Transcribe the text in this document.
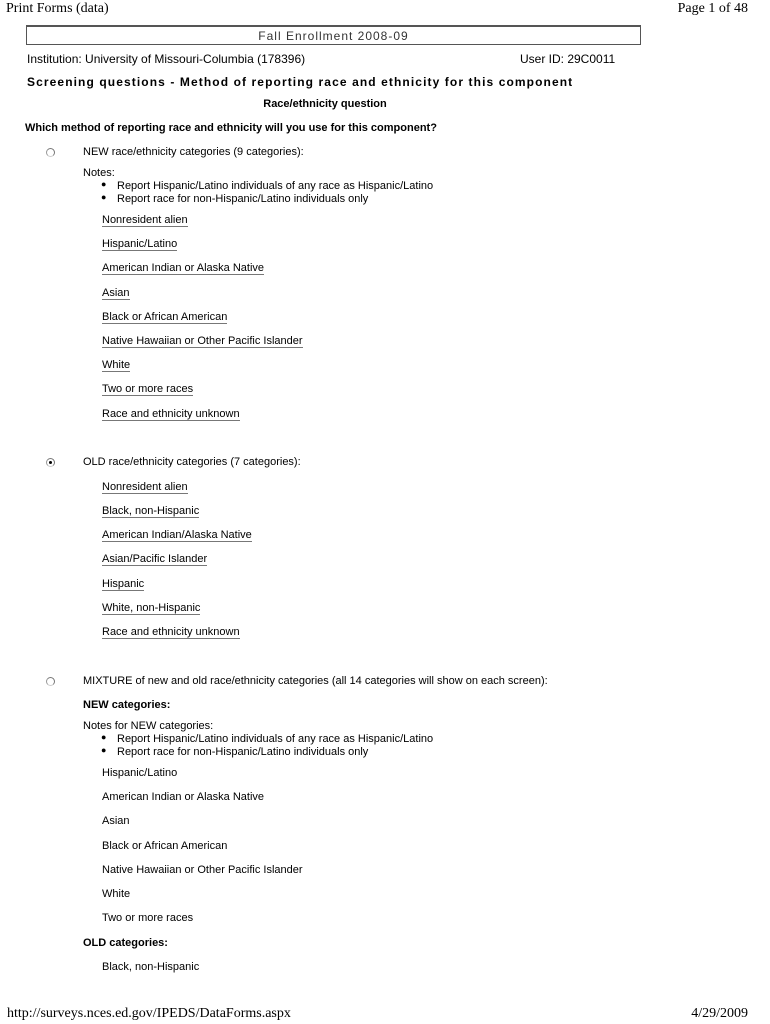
Print Forms (data)	Page 1 of 48
Fall Enrollment 2008-09
Institution: University of Missouri-Columbia (178396)	User ID: 29C0011
Screening questions - Method of reporting race and ethnicity for this component
Race/ethnicity question
Which method of reporting race and ethnicity will you use for this component?
NEW race/ethnicity categories (9 categories):
Notes:
● Report Hispanic/Latino individuals of any race as Hispanic/Latino
● Report race for non-Hispanic/Latino individuals only
Nonresident alien
Hispanic/Latino
American Indian or Alaska Native
Asian
Black or African American
Native Hawaiian or Other Pacific Islander
White
Two or more races
Race and ethnicity unknown
OLD race/ethnicity categories (7 categories):
Nonresident alien
Black, non-Hispanic
American Indian/Alaska Native
Asian/Pacific Islander
Hispanic
White, non-Hispanic
Race and ethnicity unknown
MIXTURE of new and old race/ethnicity categories (all 14 categories will show on each screen):
NEW categories:
Notes for NEW categories:
● Report Hispanic/Latino individuals of any race as Hispanic/Latino
● Report race for non-Hispanic/Latino individuals only
Hispanic/Latino
American Indian or Alaska Native
Asian
Black or African American
Native Hawaiian or Other Pacific Islander
White
Two or more races
OLD categories:
Black, non-Hispanic
http://surveys.nces.ed.gov/IPEDS/DataForms.aspx	4/29/2009
